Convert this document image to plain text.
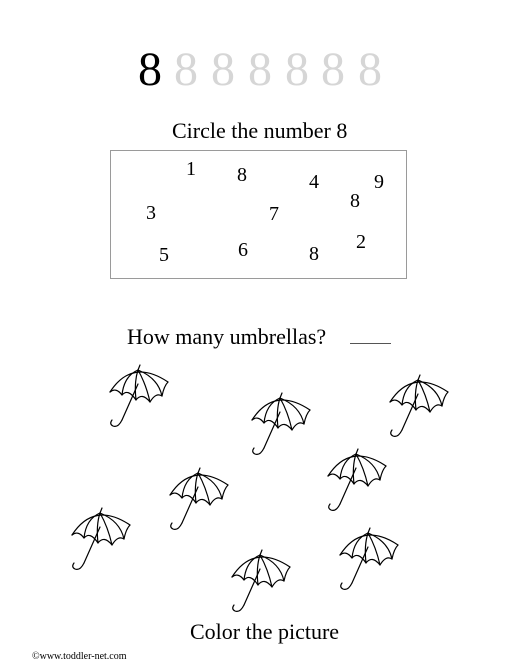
8 8 8 8 8 8 8
Circle the number 8
1 8	4	9
8
3	7
5	6	8
2
How many umbrellas?
Color the picture
©www.toddler-net.com
